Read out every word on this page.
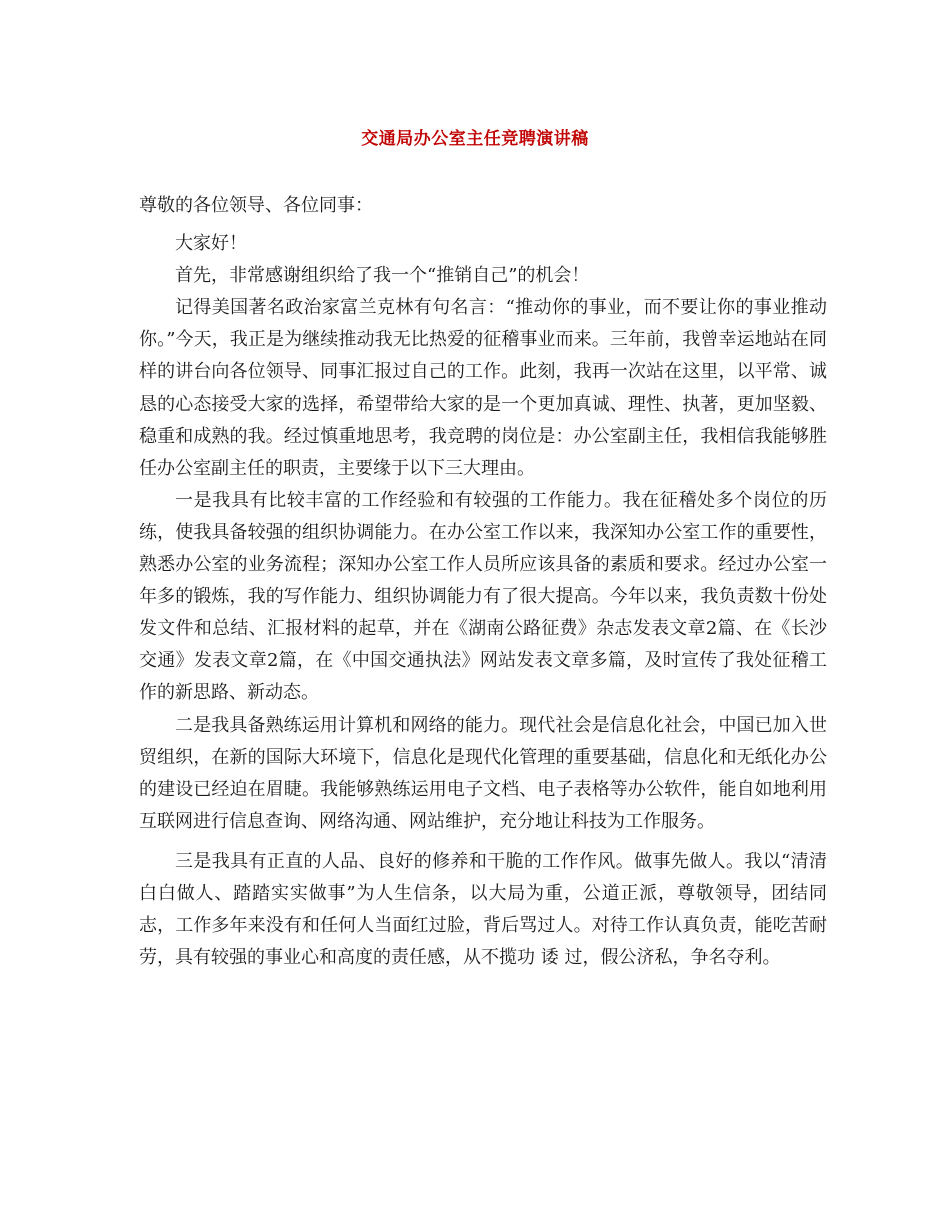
交通局办公室主任竞聘演讲稿

尊敬的各位领导、各位同事：

大家好！

首先，非常感谢组织给了我一个“推销自己”的机会！

记得美国著名政治家富兰克林有句名言：“推动你的事业，而不要让你的事业推动你。”今天，我正是为继续推动我无比热爱的征稽事业而来。三年前，我曾幸运地站在同样的讲台向各位领导、同事汇报过自己的工作。此刻，我再一次站在这里，以平常、诚恳的心态接受大家的选择，希望带给大家的是一个更加真诚、理性、执著，更加坚毅、稳重和成熟的我。经过慎重地思考，我竞聘的岗位是：办公室副主任，我相信我能够胜任办公室副主任的职责，主要缘于以下三大理由。

一是我具有比较丰富的工作经验和有较强的工作能力。我在征稽处多个岗位的历练，使我具备较强的组织协调能力。在办公室工作以来，我深知办公室工作的重要性，熟悉办公室的业务流程；深知办公室工作人员所应该具备的素质和要求。经过办公室一年多的锻炼，我的写作能力、组织协调能力有了很大提高。今年以来，我负责数十份处发文件和总结、汇报材料的起草，并在《湖南公路征费》杂志发表文章2篇、在《长沙交通》发表文章2篇，在《中国交通执法》网站发表文章多篇，及时宣传了我处征稽工作的新思路、新动态。

二是我具备熟练运用计算机和网络的能力。现代社会是信息化社会，中国已加入世贸组织，在新的国际大环境下，信息化是现代化管理的重要基础，信息化和无纸化办公的建设已经迫在眉睫。我能够熟练运用电子文档、电子表格等办公软件，能自如地利用互联网进行信息查询、网络沟通、网站维护，充分地让科技为工作服务。

三是我具有正直的人品、良好的修养和干脆的工作作风。做事先做人。我以“清清白白做人、踏踏实实做事”为人生信条，以大局为重，公道正派，尊敬领导，团结同志，工作多年来没有和任何人当面红过脸，背后骂过人。对待工作认真负责，能吃苦耐劳，具有较强的事业心和高度的责任感，从不揽功 诿 过，假公济私，争名夺利。
